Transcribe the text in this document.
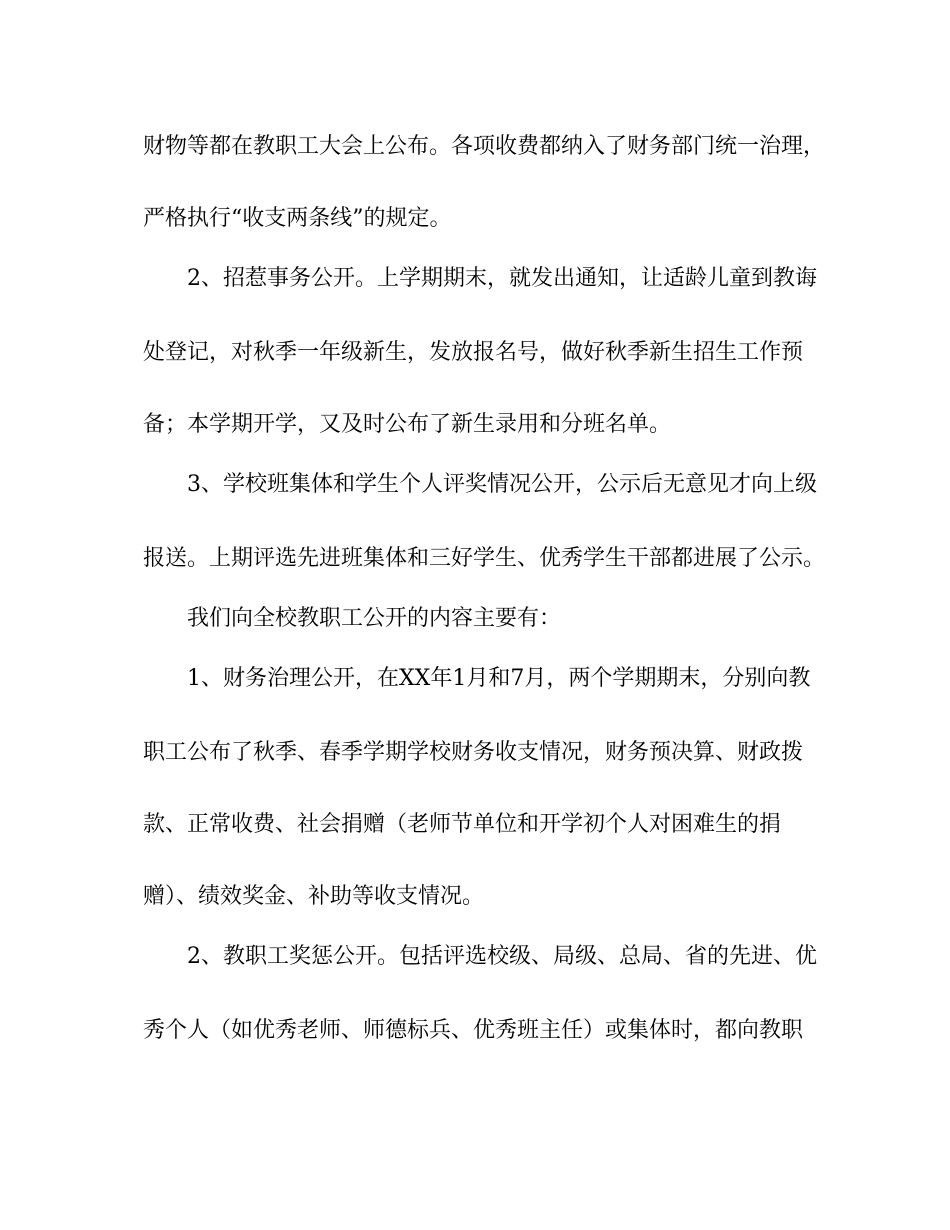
财物等都在教职工大会上公布。各项收费都纳入了财务部门统一治理，
严格执行“收支两条线”的规定。
2、招惹事务公开。上学期期末，就发出通知，让适龄儿童到教诲
处登记，对秋季一年级新生，发放报名号，做好秋季新生招生工作预
备；本学期开学，又及时公布了新生录用和分班名单。
3、学校班集体和学生个人评奖情况公开，公示后无意见才向上级
报送。上期评选先进班集体和三好学生、优秀学生干部都进展了公示。
我们向全校教职工公开的内容主要有：
1、财务治理公开，在XX年1月和7月，两个学期期末，分别向教
职工公布了秋季、春季学期学校财务收支情况，财务预决算、财政拨
款、正常收费、社会捐赠（老师节单位和开学初个人对困难生的捐
赠）、绩效奖金、补助等收支情况。
2、教职工奖惩公开。包括评选校级、局级、总局、省的先进、优
秀个人（如优秀老师、师德标兵、优秀班主任）或集体时，都向教职
